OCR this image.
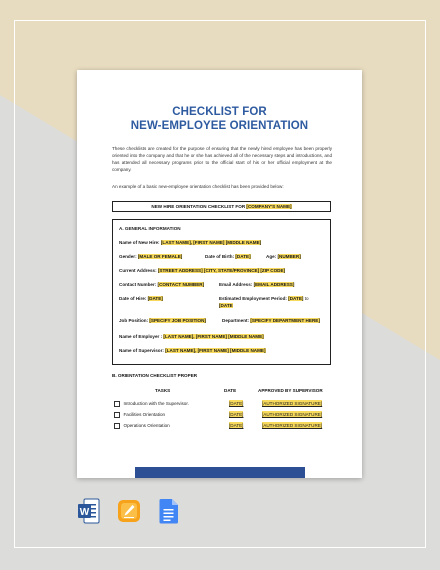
CHECKLIST FOR
NEW-EMPLOYEE ORIENTATION
These checklists are created for the purpose of ensuring that the newly hired employee has been properly oriented into the company and that he or she has achieved all of the necessary steps and introductions, and has attended all necessary programs prior to the official start of his or her official employment at the company.
An example of a basic new-employee orientation checklist has been provided below:
NEW HIRE ORIENTATION CHECKLIST FOR [COMPANY'S NAME]
A. GENERAL INFORMATION
Name of New Hire: [LAST NAME], [FIRST NAME] [MIDDLE NAME]
Gender: [MALE OR FEMALE]	Date of Birth: [DATE]	Age: [NUMBER]
Current Address: [STREET ADDRESS] [CITY, STATE/PROVINCE] [ZIP CODE]
Contact Number: [CONTACT NUMBER]	Email Address: [EMAIL ADDRESS]
Date of Hire: [DATE]	Estimated Employment Period: [DATE] to
[DATE
Job Position: [SPECIFY JOB POSITION]	Department: [SPECIFY DEPARTMENT HERE]
Name of Employer : [LAST NAME], [FIRST NAME] [MIDDLE NAME]
Name of Supervisor: [LAST NAME], [FIRST NAME] [MIDDLE NAME]
B. ORIENTATION CHECKLIST PROPER
TASKS	DATE	APPROVED BY SUPERVISOR
Introduction with the Supervisor.	[DATE]	[AUTHORIZED SIGNATURE]
Facilities Orientation	[DATE]	[AUTHORIZED SIGNATURE]
Operations Orientation	[DATE]	[AUTHORIZED SIGNATURE]
W
